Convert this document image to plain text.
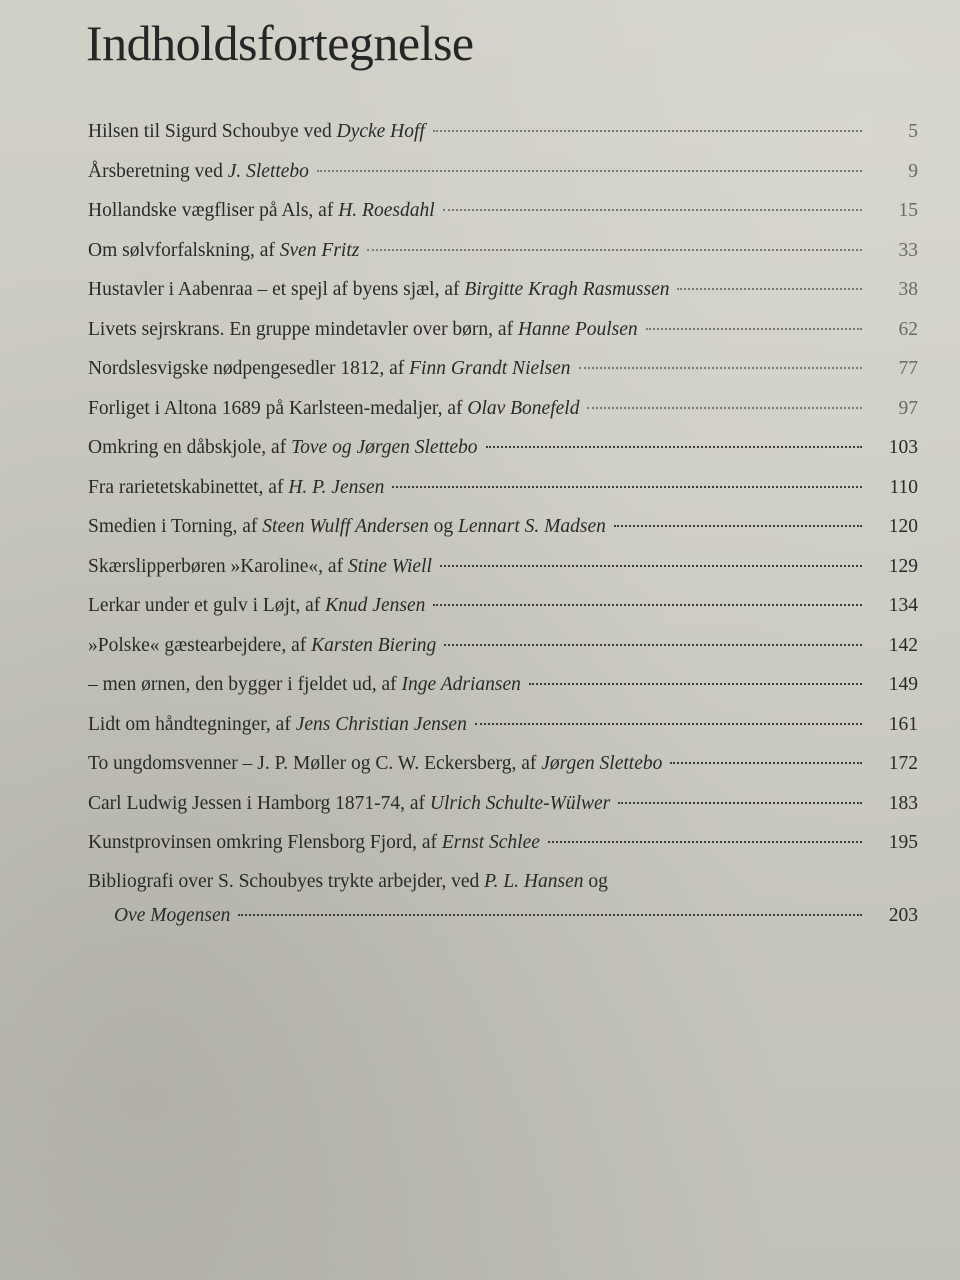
Indholdsfortegnelse
Hilsen til Sigurd Schoubye ved Dycke Hoff	5
Årsberetning ved J. Slettebo	9
Hollandske vægfliser på Als, af H. Roesdahl	15
Om sølvforfalskning, af Sven Fritz	33
Hustavler i Aabenraa – et spejl af byens sjæl, af Birgitte Kragh Rasmussen	38
Livets sejrskrans. En gruppe mindetavler over børn, af Hanne Poulsen	62
Nordslesvigske nødpengesedler 1812, af Finn Grandt Nielsen	77
Forliget i Altona 1689 på Karlsteen-medaljer, af Olav Bonefeld	97
Omkring en dåbskjole, af Tove og Jørgen Slettebo	103
Fra rarietetskabinettet, af H. P. Jensen	110
Smedien i Torning, af Steen Wulff Andersen og Lennart S. Madsen	120
Skærslipperbøren »Karoline«, af Stine Wiell	129
Lerkar under et gulv i Løjt, af Knud Jensen	134
»Polske« gæstearbejdere, af Karsten Biering	142
– men ørnen, den bygger i fjeldet ud, af Inge Adriansen	149
Lidt om håndtegninger, af Jens Christian Jensen	161
To ungdomsvenner – J. P. Møller og C. W. Eckersberg, af Jørgen Slettebo	172
Carl Ludwig Jessen i Hamborg 1871-74, af Ulrich Schulte-Wülwer	183
Kunstprovinsen omkring Flensborg Fjord, af Ernst Schlee	195
Bibliografi over S. Schoubyes trykte arbejder, ved P. L. Hansen og
Ove Mogensen	203
